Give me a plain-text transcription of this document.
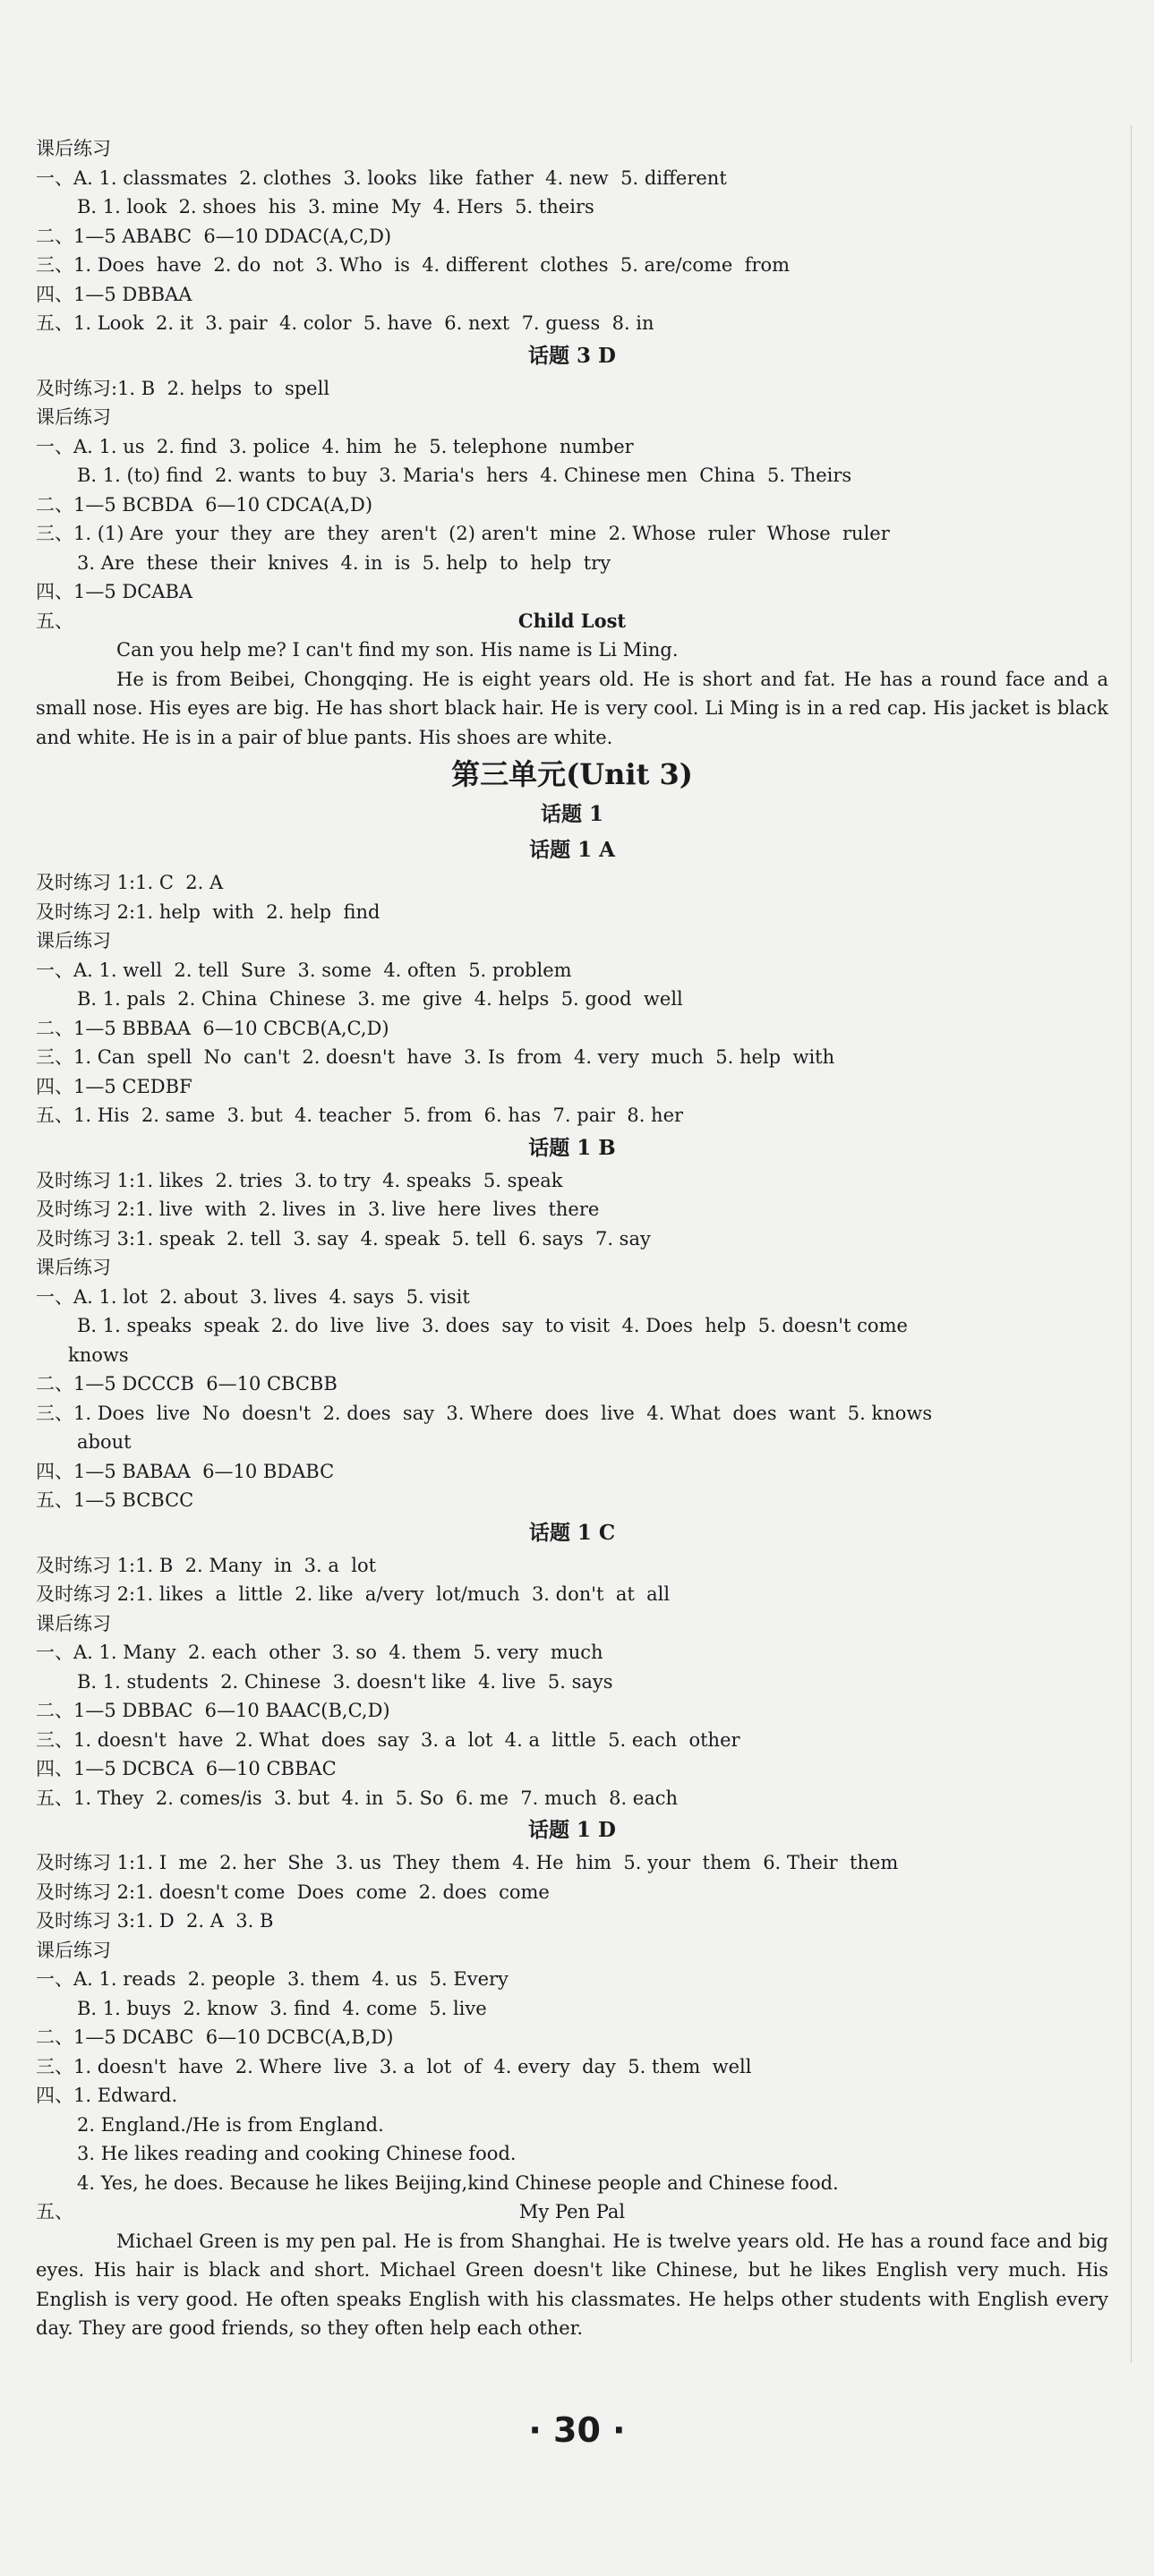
课后练习
一、A. 1. classmates  2. clothes  3. looks  like  father  4. new  5. different
B. 1. look  2. shoes  his  3. mine  My  4. Hers  5. theirs
二、1—5 ABABC  6—10 DDAC(A,C,D)
三、1. Does  have  2. do  not  3. Who  is  4. different  clothes  5. are/come  from
四、1—5 DBBAA
五、1. Look  2. it  3. pair  4. color  5. have  6. next  7. guess  8. in
话题 3 D
及时练习:1. B  2. helps  to  spell
课后练习
一、A. 1. us  2. find  3. police  4. him  he  5. telephone  number
B. 1. (to) find  2. wants  to buy  3. Maria's  hers  4. Chinese men  China  5. Theirs
二、1—5 BCBDA  6—10 CDCA(A,D)
三、1. (1) Are  your  they  are  they  aren't  (2) aren't  mine  2. Whose  ruler  Whose  ruler
3. Are  these  their  knives  4. in  is  5. help  to  help  try
四、1—5 DCABA
五、	Child Lost
Can you help me? I can't find my son. His name is Li Ming.
He is from Beibei, Chongqing. He is eight years old. He is short and fat. He has a round face and a small nose. His eyes are big. He has short black hair. He is very cool. Li Ming is in a red cap. His jacket is black and white. He is in a pair of blue pants. His shoes are white.
第三单元(Unit 3)
话题 1
话题 1 A
及时练习 1:1. C  2. A
及时练习 2:1. help  with  2. help  find
课后练习
一、A. 1. well  2. tell  Sure  3. some  4. often  5. problem
B. 1. pals  2. China  Chinese  3. me  give  4. helps  5. good  well
二、1—5 BBBAA  6—10 CBCB(A,C,D)
三、1. Can  spell  No  can't  2. doesn't  have  3. Is  from  4. very  much  5. help  with
四、1—5 CEDBF
五、1. His  2. same  3. but  4. teacher  5. from  6. has  7. pair  8. her
话题 1 B
及时练习 1:1. likes  2. tries  3. to try  4. speaks  5. speak
及时练习 2:1. live  with  2. lives  in  3. live  here  lives  there
及时练习 3:1. speak  2. tell  3. say  4. speak  5. tell  6. says  7. say
课后练习
一、A. 1. lot  2. about  3. lives  4. says  5. visit
B. 1. speaks  speak  2. do  live  live  3. does  say  to visit  4. Does  help  5. doesn't come
knows
二、1—5 DCCCB  6—10 CBCBB
三、1. Does  live  No  doesn't  2. does  say  3. Where  does  live  4. What  does  want  5. knows
about
四、1—5 BABAA  6—10 BDABC
五、1—5 BCBCC
话题 1 C
及时练习 1:1. B  2. Many  in  3. a  lot
及时练习 2:1. likes  a  little  2. like  a/very  lot/much  3. don't  at  all
课后练习
一、A. 1. Many  2. each  other  3. so  4. them  5. very  much
B. 1. students  2. Chinese  3. doesn't like  4. live  5. says
二、1—5 DBBAC  6—10 BAAC(B,C,D)
三、1. doesn't  have  2. What  does  say  3. a  lot  4. a  little  5. each  other
四、1—5 DCBCA  6—10 CBBAC
五、1. They  2. comes/is  3. but  4. in  5. So  6. me  7. much  8. each
话题 1 D
及时练习 1:1. I  me  2. her  She  3. us  They  them  4. He  him  5. your  them  6. Their  them
及时练习 2:1. doesn't come  Does  come  2. does  come
及时练习 3:1. D  2. A  3. B
课后练习
一、A. 1. reads  2. people  3. them  4. us  5. Every
B. 1. buys  2. know  3. find  4. come  5. live
二、1—5 DCABC  6—10 DCBC(A,B,D)
三、1. doesn't  have  2. Where  live  3. a  lot  of  4. every  day  5. them  well
四、1. Edward.
2. England./He is from England.
3. He likes reading and cooking Chinese food.
4. Yes, he does. Because he likes Beijing,kind Chinese people and Chinese food.
五、	My Pen Pal
Michael Green is my pen pal. He is from Shanghai. He is twelve years old. He has a round face and big eyes. His hair is black and short. Michael Green doesn't like Chinese, but he likes English very much. His English is very good. He often speaks English with his classmates. He helps other students with English every day. They are good friends, so they often help each other.
· 30 ·
